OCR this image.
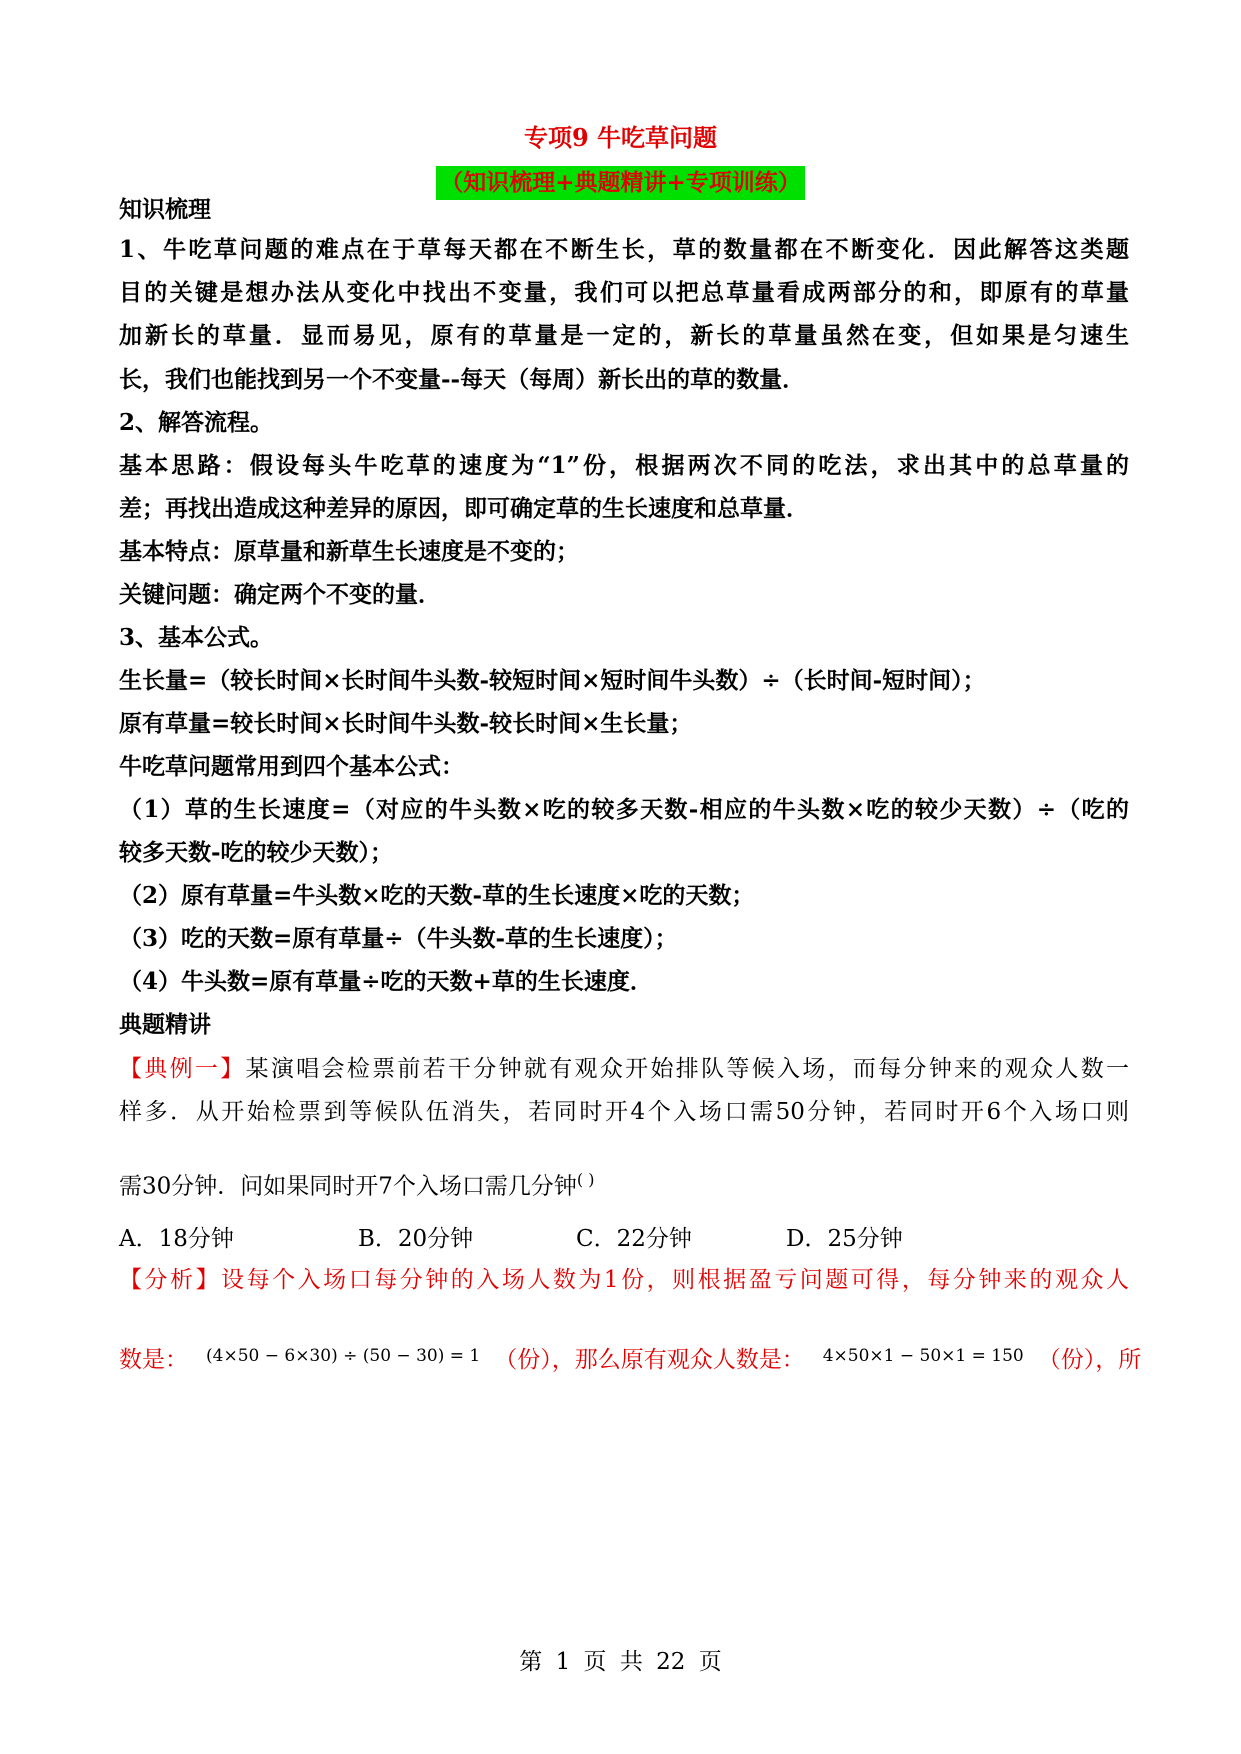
专项9 牛吃草问题
（知识梳理+典题精讲+专项训练）
知识梳理
1、牛吃草问题的难点在于草每天都在不断生长，草的数量都在不断变化．因此解答这类题
目的关键是想办法从变化中找出不变量，我们可以把总草量看成两部分的和，即原有的草量
加新长的草量．显而易见，原有的草量是一定的，新长的草量虽然在变，但如果是匀速生
长，我们也能找到另一个不变量--每天（每周）新长出的草的数量．
2、解答流程。
基本思路：假设每头牛吃草的速度为“1”份，根据两次不同的吃法，求出其中的总草量的
差；再找出造成这种差异的原因，即可确定草的生长速度和总草量．
基本特点：原草量和新草生长速度是不变的；
关键问题：确定两个不变的量．
3、基本公式。
生长量=（较长时间×长时间牛头数-较短时间×短时间牛头数）÷（长时间-短时间）；
原有草量=较长时间×长时间牛头数-较长时间×生长量；
牛吃草问题常用到四个基本公式：
（1）草的生长速度=（对应的牛头数×吃的较多天数-相应的牛头数×吃的较少天数）÷（吃的
较多天数-吃的较少天数）；
（2）原有草量=牛头数×吃的天数-草的生长速度×吃的天数；
（3）吃的天数=原有草量÷（牛头数-草的生长速度）；
（4）牛头数=原有草量÷吃的天数+草的生长速度．
典题精讲
【典例一】某演唱会检票前若干分钟就有观众开始排队等候入场，而每分钟来的观众人数一
样多．从开始检票到等候队伍消失，若同时开4个入场口需50分钟，若同时开6个入场口则
需30分钟．问如果同时开7个入场口需几分钟( )
A．18分钟	B．20分钟	C．22分钟	D．25分钟
【分析】设每个入场口每分钟的入场人数为1份，则根据盈亏问题可得，每分钟来的观众人
数是： $^{(4\times 50 - 6\times 30) \div (50 - 30) = 1}$ （份），那么原有观众人数是： $^{4\times 50\times 1 - 50\times 1 = 150}$ （份），所
第 1 页 共 22 页
